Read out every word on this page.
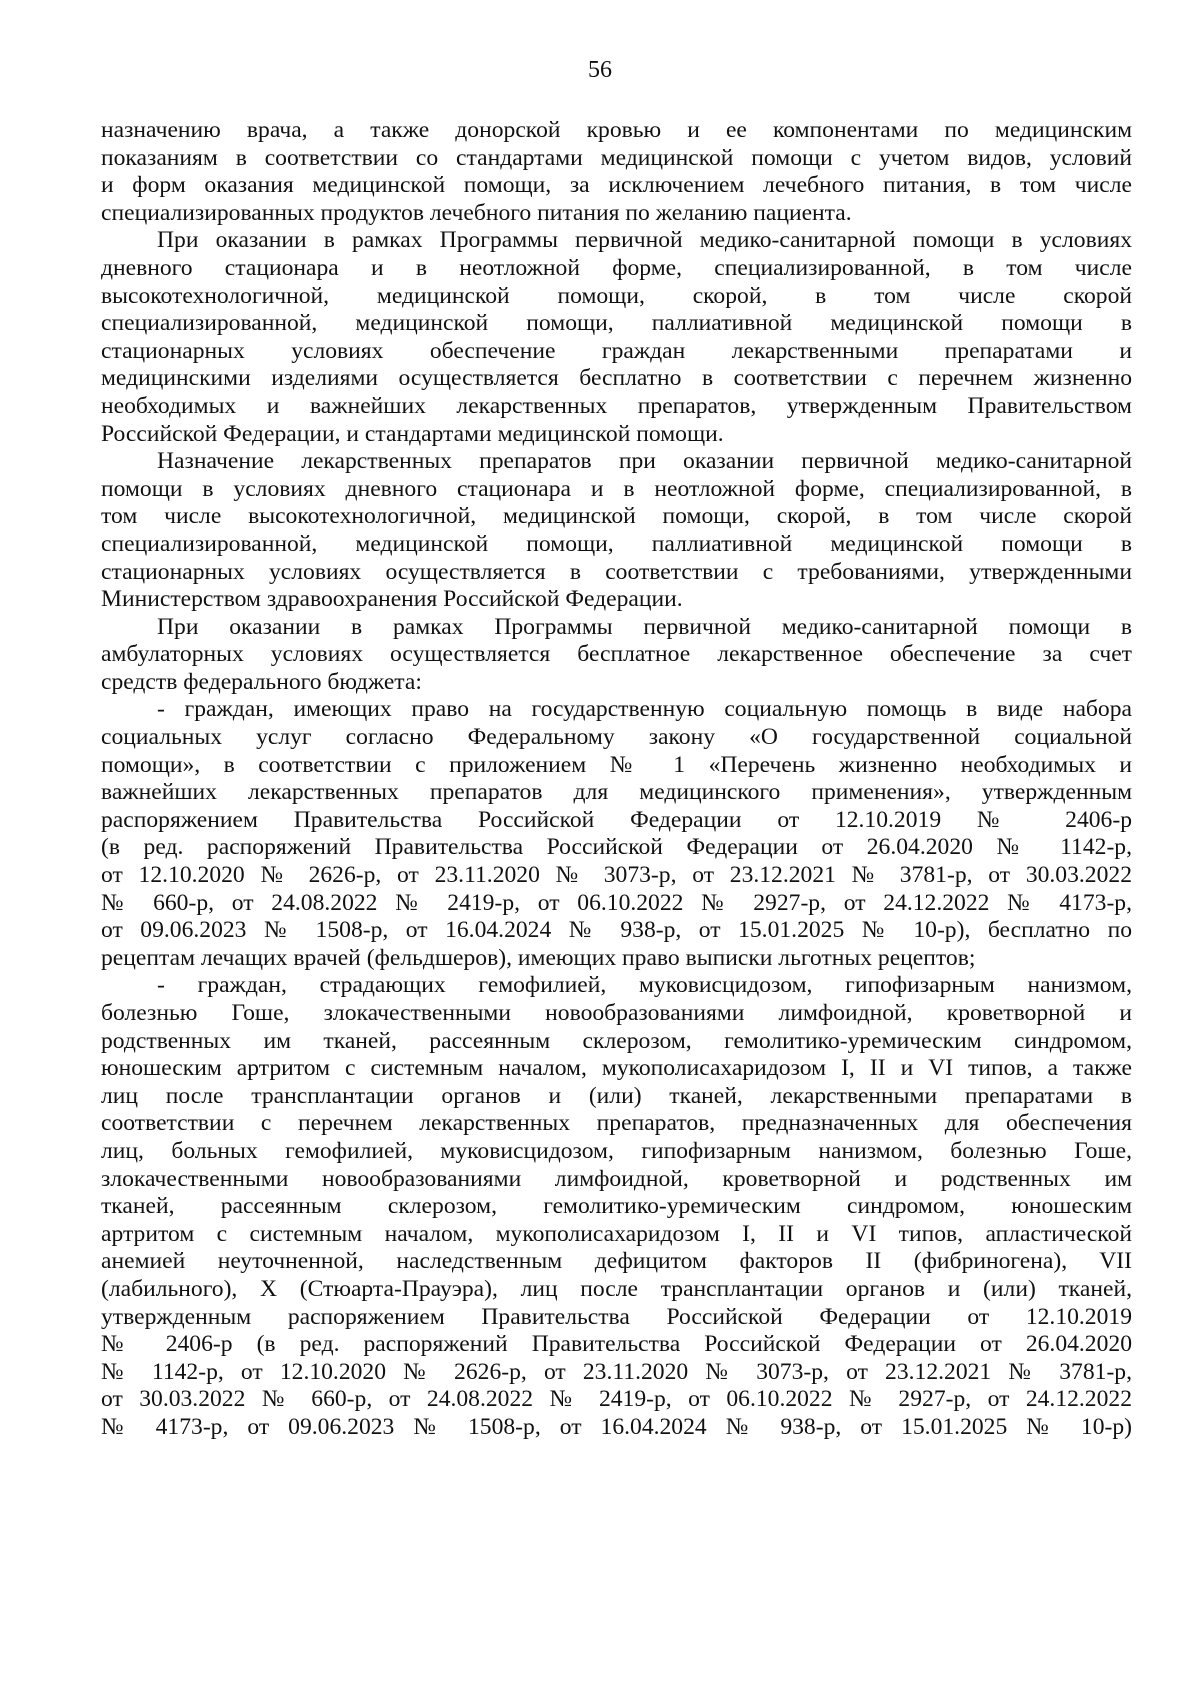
56
назначению врача, а также донорской кровью и ее компонентами по медицинским
показаниям в соответствии со стандартами медицинской помощи с учетом видов, условий
и форм оказания медицинской помощи, за исключением лечебного питания, в том числе
специализированных продуктов лечебного питания по желанию пациента.
При оказании в рамках Программы первичной медико-санитарной помощи в условиях
дневного стационара и в неотложной форме, специализированной, в том числе
высокотехнологичной, медицинской помощи, скорой, в том числе скорой
специализированной, медицинской помощи, паллиативной медицинской помощи в
стационарных условиях обеспечение граждан лекарственными препаратами и
медицинскими изделиями осуществляется бесплатно в соответствии с перечнем жизненно
необходимых и важнейших лекарственных препаратов, утвержденным Правительством
Российской Федерации, и стандартами медицинской помощи.
Назначение лекарственных препаратов при оказании первичной медико-санитарной
помощи в условиях дневного стационара и в неотложной форме, специализированной, в
том числе высокотехнологичной, медицинской помощи, скорой, в том числе скорой
специализированной, медицинской помощи, паллиативной медицинской помощи в
стационарных условиях осуществляется в соответствии с требованиями, утвержденными
Министерством здравоохранения Российской Федерации.
При оказании в рамках Программы первичной медико-санитарной помощи в
амбулаторных условиях осуществляется бесплатное лекарственное обеспечение за счет
средств федерального бюджета:
- граждан, имеющих право на государственную социальную помощь в виде набора
социальных услуг согласно Федеральному закону «О государственной социальной
помощи», в соответствии с приложением № 1 «Перечень жизненно необходимых и
важнейших лекарственных препаратов для медицинского применения», утвержденным
распоряжением Правительства Российской Федерации от 12.10.2019 № 2406-р
(в ред. распоряжений Правительства Российской Федерации от 26.04.2020 № 1142-р,
от 12.10.2020 № 2626-р, от 23.11.2020 № 3073-р, от 23.12.2021 № 3781-р, от 30.03.2022
№ 660-р, от 24.08.2022 № 2419-р, от 06.10.2022 № 2927-р, от 24.12.2022 № 4173-р,
от 09.06.2023 № 1508-р, от 16.04.2024 № 938-р, от 15.01.2025 № 10-р), бесплатно по
рецептам лечащих врачей (фельдшеров), имеющих право выписки льготных рецептов;
- граждан, страдающих гемофилией, муковисцидозом, гипофизарным нанизмом,
болезнью Гоше, злокачественными новообразованиями лимфоидной, кроветворной и
родственных им тканей, рассеянным склерозом, гемолитико-уремическим синдромом,
юношеским артритом с системным началом, мукополисахаридозом I, II и VI типов, а также
лиц после трансплантации органов и (или) тканей, лекарственными препаратами в
соответствии с перечнем лекарственных препаратов, предназначенных для обеспечения
лиц, больных гемофилией, муковисцидозом, гипофизарным нанизмом, болезнью Гоше,
злокачественными новообразованиями лимфоидной, кроветворной и родственных им
тканей, рассеянным склерозом, гемолитико-уремическим синдромом, юношеским
артритом с системным началом, мукополисахаридозом I, II и VI типов, апластической
анемией неуточненной, наследственным дефицитом факторов II (фибриногена), VII
(лабильного), X (Стюарта-Прауэра), лиц после трансплантации органов и (или) тканей,
утвержденным распоряжением Правительства Российской Федерации от 12.10.2019
№ 2406-р (в ред. распоряжений Правительства Российской Федерации от 26.04.2020
№ 1142-р, от 12.10.2020 № 2626-р, от 23.11.2020 № 3073-р, от 23.12.2021 № 3781-р,
от 30.03.2022 № 660-р, от 24.08.2022 № 2419-р, от 06.10.2022 № 2927-р, от 24.12.2022
№ 4173-р, от 09.06.2023 № 1508-р, от 16.04.2024 № 938-р, от 15.01.2025 № 10-р)
